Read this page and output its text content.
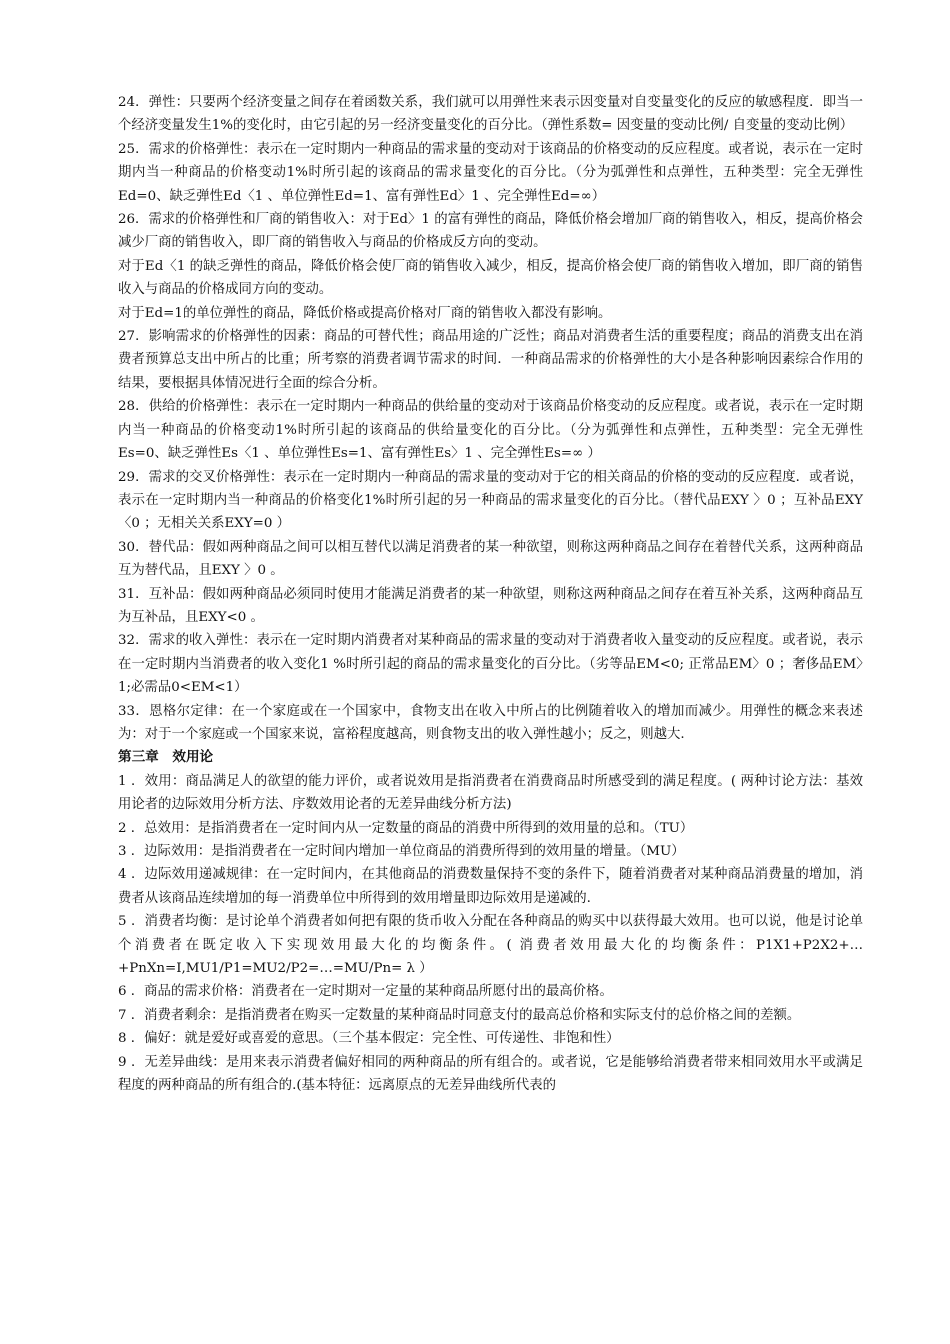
24．弹性：只要两个经济变量之间存在着函数关系，我们就可以用弹性来表示因变量对自变量变化的反应的敏感程度．即当一个经济变量发生1%的变化时，由它引起的另一经济变量变化的百分比。（弹性系数= 因变量的变动比例/ 自变量的变动比例）

25．需求的价格弹性：表示在一定时期内一种商品的需求量的变动对于该商品的价格变动的反应程度。或者说，表示在一定时期内当一种商品的价格变动1%时所引起的该商品的需求量变化的百分比。（分为弧弹性和点弹性，五种类型：完全无弹性Ed=0、缺乏弹性Ed〈1 、单位弹性Ed=1、富有弹性Ed〉1 、完全弹性Ed=∞）

26．需求的价格弹性和厂商的销售收入：对于Ed〉1 的富有弹性的商品，降低价格会增加厂商的销售收入，相反，提高价格会减少厂商的销售收入，即厂商的销售收入与商品的价格成反方向的变动。

对于Ed〈1 的缺乏弹性的商品，降低价格会使厂商的销售收入减少，相反，提高价格会使厂商的销售收入增加，即厂商的销售收入与商品的价格成同方向的变动。

对于Ed=1的单位弹性的商品，降低价格或提高价格对厂商的销售收入都没有影响。

27．影响需求的价格弹性的因素：商品的可替代性；商品用途的广泛性；商品对消费者生活的重要程度；商品的消费支出在消费者预算总支出中所占的比重；所考察的消费者调节需求的时间．一种商品需求的价格弹性的大小是各种影响因素综合作用的结果，要根据具体情况进行全面的综合分析。

28．供给的价格弹性：表示在一定时期内一种商品的供给量的变动对于该商品价格变动的反应程度。或者说，表示在一定时期内当一种商品的价格变动1%时所引起的该商品的供给量变化的百分比。（分为弧弹性和点弹性，五种类型：完全无弹性Es=0、缺乏弹性Es〈1 、单位弹性Es=1、富有弹性Es〉1 、完全弹性Es=∞ ）

29．需求的交叉价格弹性：表示在一定时期内一种商品的需求量的变动对于它的相关商品的价格的变动的反应程度．或者说，表示在一定时期内当一种商品的价格变化1%时所引起的另一种商品的需求量变化的百分比。（替代品EXY 〉0 ；互补品EXY 〈0 ；无相关关系EXY=0 ）

30．替代品：假如两种商品之间可以相互替代以满足消费者的某一种欲望，则称这两种商品之间存在着替代关系，这两种商品互为替代品，且EXY 〉0 。

31．互补品：假如两种商品必须同时使用才能满足消费者的某一种欲望，则称这两种商品之间存在着互补关系，这两种商品互为互补品，且EXY<0 。

32．需求的收入弹性：表示在一定时期内消费者对某种商品的需求量的变动对于消费者收入量变动的反应程度。或者说，表示在一定时期内当消费者的收入变化1 %时所引起的商品的需求量变化的百分比。（劣等品EM<0; 正常品EM〉0 ；奢侈品EM〉1;必需品0<EM<1）

33．恩格尔定律：在一个家庭或在一个国家中，食物支出在收入中所占的比例随着收入的增加而减少。用弹性的概念来表述为：对于一个家庭或一个国家来说，富裕程度越高，则食物支出的收入弹性越小；反之，则越大.

第三章　效用论

1 ．效用：商品满足人的欲望的能力评价，或者说效用是指消费者在消费商品时所感受到的满足程度。( 两种讨论方法：基效用论者的边际效用分析方法、序数效用论者的无差异曲线分析方法)

2 ．总效用：是指消费者在一定时间内从一定数量的商品的消费中所得到的效用量的总和。（TU）

3 ．边际效用：是指消费者在一定时间内增加一单位商品的消费所得到的效用量的增量。（MU）

4 ．边际效用递减规律：在一定时间内，在其他商品的消费数量保持不变的条件下，随着消费者对某种商品消费量的增加，消费者从该商品连续增加的每一消费单位中所得到的效用增量即边际效用是递减的.

5 ．消费者均衡：是讨论单个消费者如何把有限的货币收入分配在各种商品的购买中以获得最大效用。也可以说，他是讨论单个消费者在既定收入下实现效用最大化的均衡条件。( 消费者效用最大化的均衡条件：P1X1+P2X2+…+PnXn=I,MU1/P1=MU2/P2=…=MU/Pn= λ ）

6 ．商品的需求价格：消费者在一定时期对一定量的某种商品所愿付出的最高价格。

7 ．消费者剩余：是指消费者在购买一定数量的某种商品时同意支付的最高总价格和实际支付的总价格之间的差额。

8 ．偏好：就是爱好或喜爱的意思。（三个基本假定：完全性、可传递性、非饱和性）

9 ．无差异曲线：是用来表示消费者偏好相同的两种商品的所有组合的。或者说，它是能够给消费者带来相同效用水平或满足程度的两种商品的所有组合的.(基本特征：远离原点的无差异曲线所代表的
